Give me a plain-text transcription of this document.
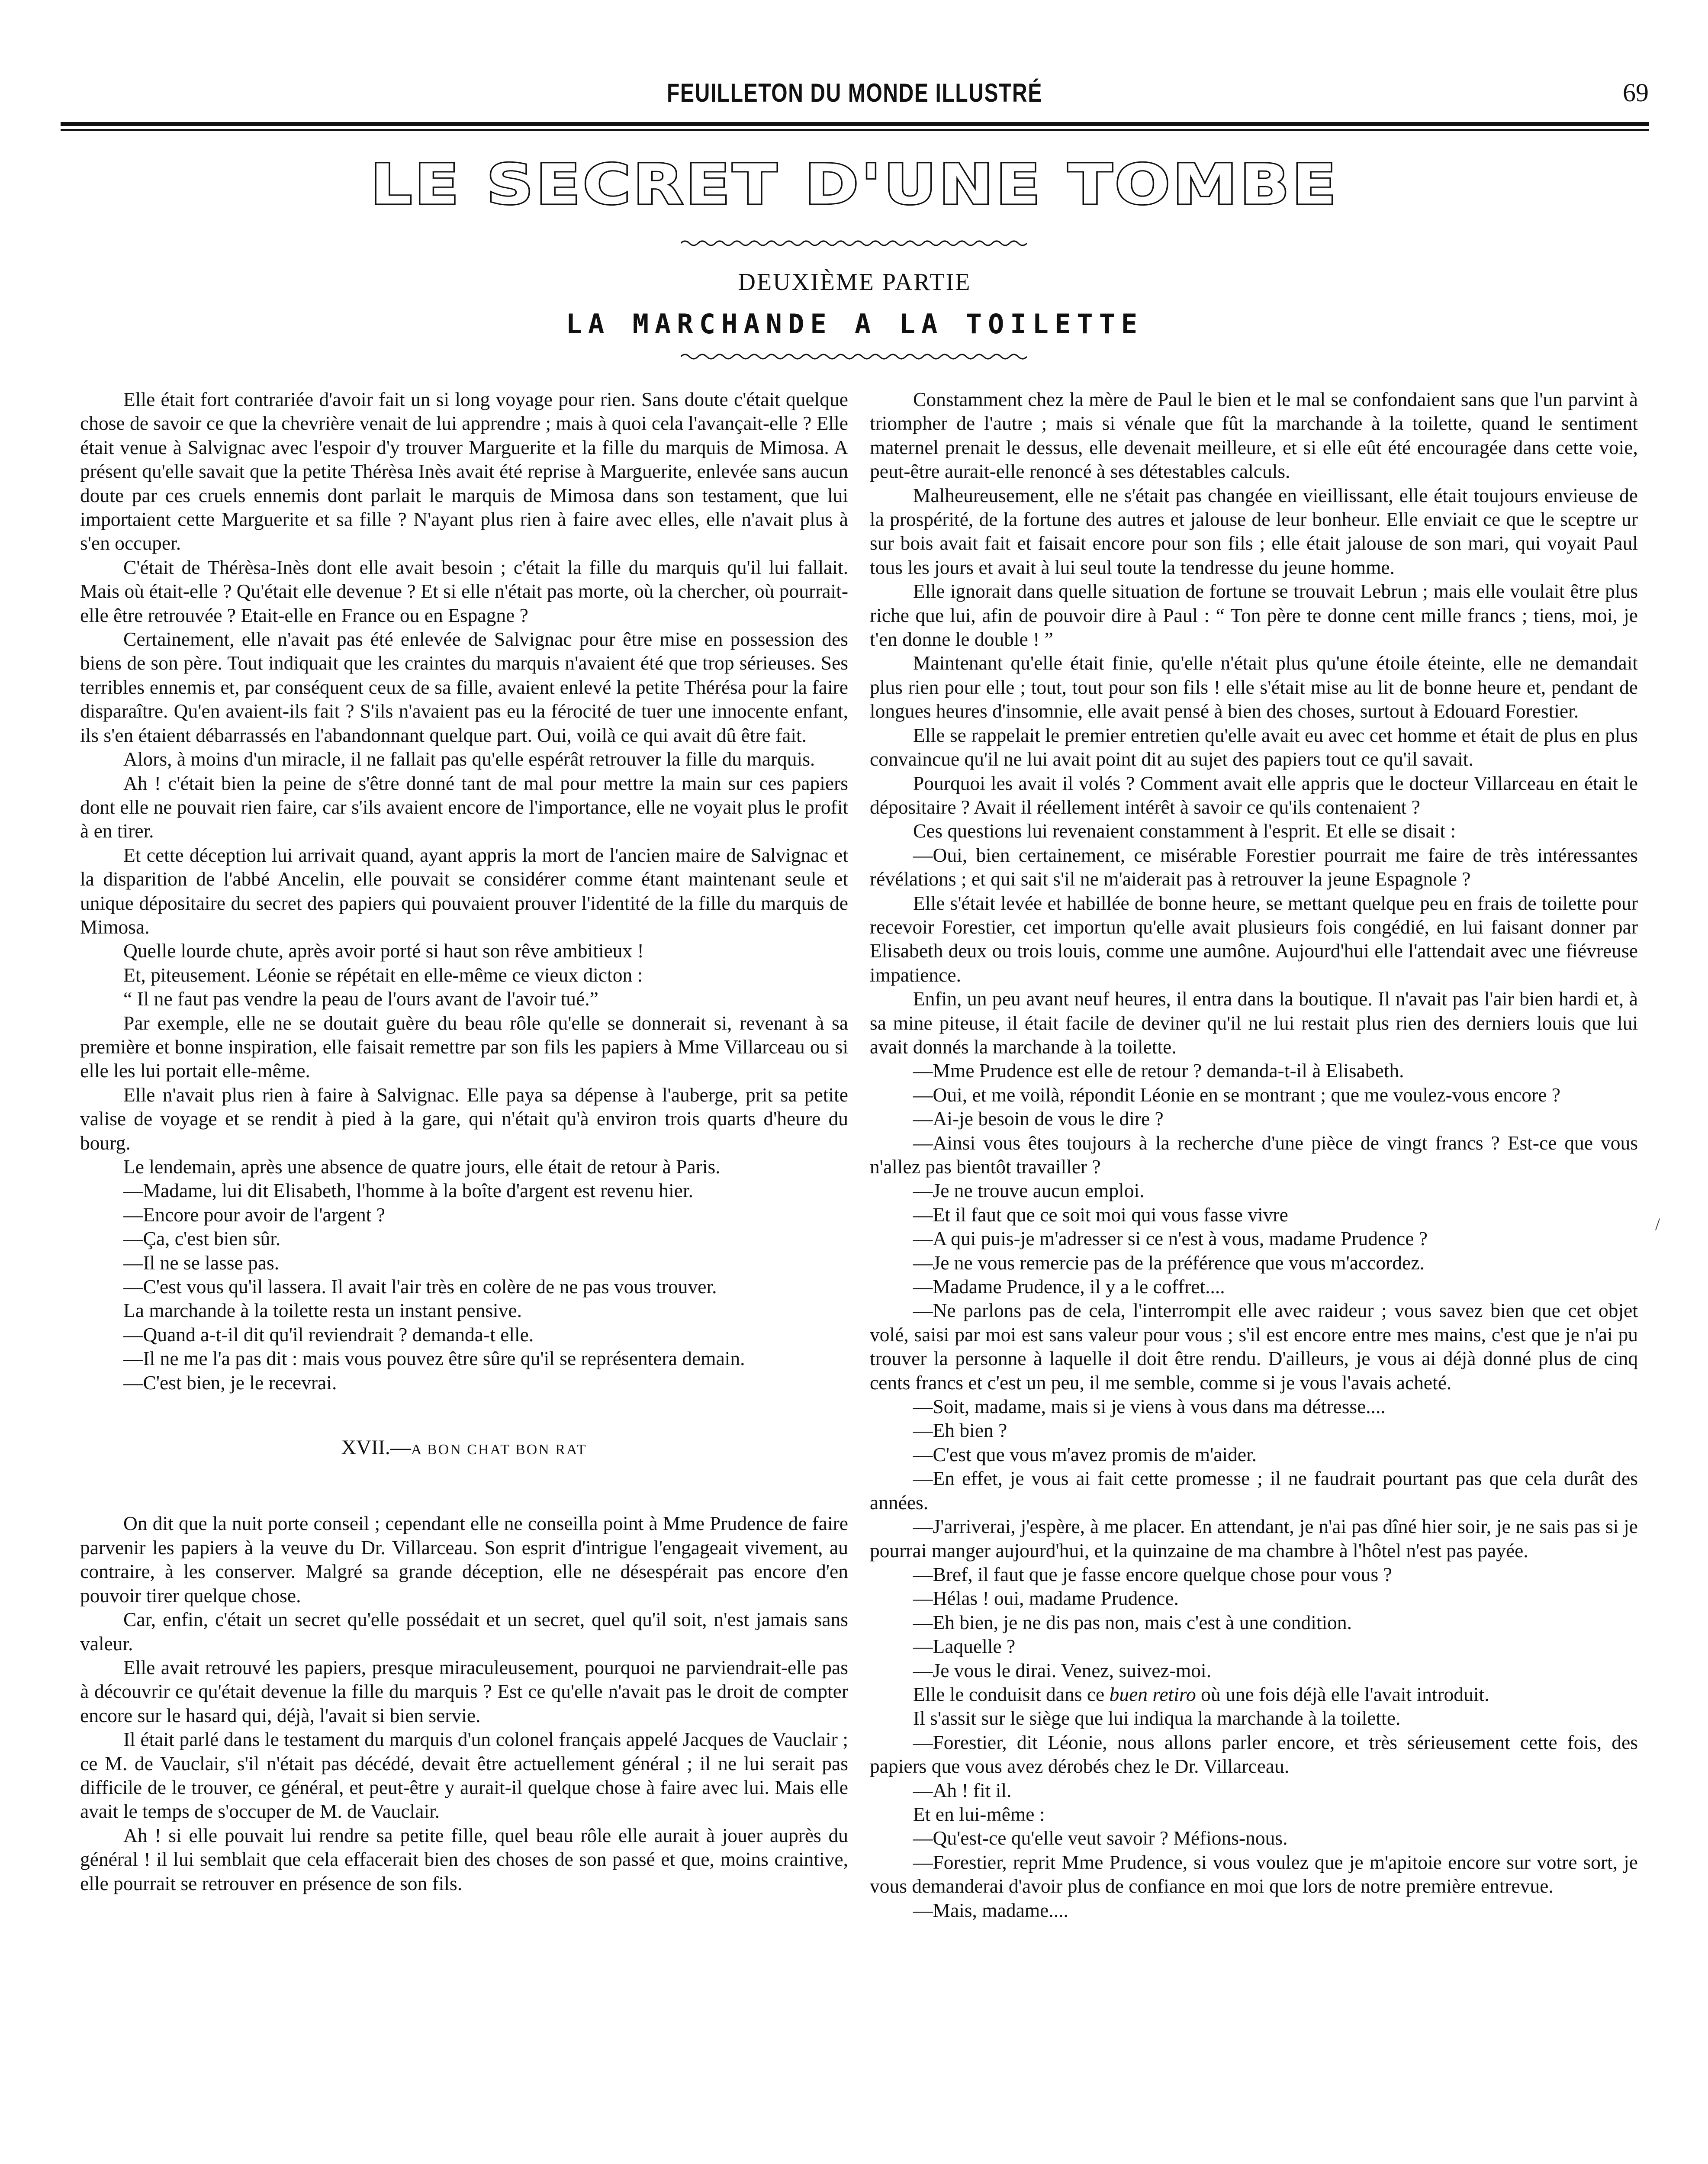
FEUILLETON DU MONDE ILLUSTRÉ	69
LE SECRET D'UNE TOMBE
DEUXIÈME PARTIE
LA MARCHANDE A LA TOILETTE

Elle était fort contrariée d'avoir fait un si long voyage pour rien. Sans doute c'était quelque chose de savoir ce que la chevrière venait de lui apprendre ; mais à quoi cela l'avançait-elle ? Elle était venue à Salvignac avec l'espoir d'y trouver Marguerite et la fille du marquis de Mimosa. A présent qu'elle savait que la petite Thérèsa Inès avait été reprise à Marguerite, enlevée sans aucun doute par ces cruels ennemis dont parlait le marquis de Mimosa dans son testament, que lui importaient cette Marguerite et sa fille ? N'ayant plus rien à faire avec elles, elle n'avait plus à s'en occuper.

C'était de Thérèsa-Inès dont elle avait besoin ; c'était la fille du marquis qu'il lui fallait. Mais où était-elle ? Qu'était elle devenue ? Et si elle n'était pas morte, où la chercher, où pourrait-elle être retrouvée ? Etait-elle en France ou en Espagne ?

Certainement, elle n'avait pas été enlevée de Salvignac pour être mise en possession des biens de son père. Tout indiquait que les craintes du marquis n'avaient été que trop sérieuses. Ses terribles ennemis et, par conséquent ceux de sa fille, avaient enlevé la petite Thérésa pour la faire disparaître. Qu'en avaient-ils fait ? S'ils n'avaient pas eu la férocité de tuer une innocente enfant, ils s'en étaient débarrassés en l'abandonnant quelque part. Oui, voilà ce qui avait dû être fait.

Alors, à moins d'un miracle, il ne fallait pas qu'elle espérât retrouver la fille du marquis.

Ah ! c'était bien la peine de s'être donné tant de mal pour mettre la main sur ces papiers dont elle ne pouvait rien faire, car s'ils avaient encore de l'importance, elle ne voyait plus le profit à en tirer.

Et cette déception lui arrivait quand, ayant appris la mort de l'ancien maire de Salvignac et la disparition de l'abbé Ancelin, elle pouvait se considérer comme étant maintenant seule et unique dépositaire du secret des papiers qui pouvaient prouver l'identité de la fille du marquis de Mimosa.

Quelle lourde chute, après avoir porté si haut son rêve ambitieux !

Et, piteusement. Léonie se répétait en elle-même ce vieux dicton :

“ Il ne faut pas vendre la peau de l'ours avant de l'avoir tué.”

Par exemple, elle ne se doutait guère du beau rôle qu'elle se donnerait si, revenant à sa première et bonne inspiration, elle faisait remettre par son fils les papiers à Mme Villarceau ou si elle les lui portait elle-même.

Elle n'avait plus rien à faire à Salvignac. Elle paya sa dépense à l'auberge, prit sa petite valise de voyage et se rendit à pied à la gare, qui n'était qu'à environ trois quarts d'heure du bourg.

Le lendemain, après une absence de quatre jours, elle était de retour à Paris.

—Madame, lui dit Elisabeth, l'homme à la boîte d'argent est revenu hier.

—Encore pour avoir de l'argent ?

—Ça, c'est bien sûr.

—Il ne se lasse pas.

—C'est vous qu'il lassera. Il avait l'air très en colère de ne pas vous trouver.

La marchande à la toilette resta un instant pensive.

—Quand a-t-il dit qu'il reviendrait ? demanda-t elle.

—Il ne me l'a pas dit : mais vous pouvez être sûre qu'il se représentera demain.

—C'est bien, je le recevrai.

XVII.—A BON CHAT BON RAT

On dit que la nuit porte conseil ; cependant elle ne conseilla point à Mme Prudence de faire parvenir les papiers à la veuve du Dr. Villarceau. Son esprit d'intrigue l'engageait vivement, au contraire, à les conserver. Malgré sa grande déception, elle ne désespérait pas encore d'en pouvoir tirer quelque chose.

Car, enfin, c'était un secret qu'elle possédait et un secret, quel qu'il soit, n'est jamais sans valeur.

Elle avait retrouvé les papiers, presque miraculeusement, pourquoi ne parviendrait-elle pas à découvrir ce qu'était devenue la fille du marquis ? Est ce qu'elle n'avait pas le droit de compter encore sur le hasard qui, déjà, l'avait si bien servie.

Il était parlé dans le testament du marquis d'un colonel français appelé Jacques de Vauclair ; ce M. de Vauclair, s'il n'était pas décédé, devait être actuellement général ; il ne lui serait pas difficile de le trouver, ce général, et peut-être y aurait-il quelque chose à faire avec lui. Mais elle avait le temps de s'occuper de M. de Vauclair.

Ah ! si elle pouvait lui rendre sa petite fille, quel beau rôle elle aurait à jouer auprès du général ! il lui semblait que cela effacerait bien des choses de son passé et que, moins craintive, elle pourrait se retrouver en présence de son fils.

Constamment chez la mère de Paul le bien et le mal se confondaient sans que l'un parvint à triompher de l'autre ; mais si vénale que fût la marchande à la toilette, quand le sentiment maternel prenait le dessus, elle devenait meilleure, et si elle eût été encouragée dans cette voie, peut-être aurait-elle renoncé à ses détestables calculs.

Malheureusement, elle ne s'était pas changée en vieillissant, elle était toujours envieuse de la prospérité, de la fortune des autres et jalouse de leur bonheur. Elle enviait ce que le sceptre ur sur bois avait fait et faisait encore pour son fils ; elle était jalouse de son mari, qui voyait Paul tous les jours et avait à lui seul toute la tendresse du jeune homme.

Elle ignorait dans quelle situation de fortune se trouvait Lebrun ; mais elle voulait être plus riche que lui, afin de pouvoir dire à Paul : “ Ton père te donne cent mille francs ; tiens, moi, je t'en donne le double ! ”

Maintenant qu'elle était finie, qu'elle n'était plus qu'une étoile éteinte, elle ne demandait plus rien pour elle ; tout, tout pour son fils ! elle s'était mise au lit de bonne heure et, pendant de longues heures d'insomnie, elle avait pensé à bien des choses, surtout à Edouard Forestier.

Elle se rappelait le premier entretien qu'elle avait eu avec cet homme et était de plus en plus convaincue qu'il ne lui avait point dit au sujet des papiers tout ce qu'il savait.

Pourquoi les avait il volés ? Comment avait elle appris que le docteur Villarceau en était le dépositaire ? Avait il réellement intérêt à savoir ce qu'ils contenaient ?

Ces questions lui revenaient constamment à l'esprit. Et elle se disait :

—Oui, bien certainement, ce misérable Forestier pourrait me faire de très intéressantes révélations ; et qui sait s'il ne m'aiderait pas à retrouver la jeune Espagnole ?

Elle s'était levée et habillée de bonne heure, se mettant quelque peu en frais de toilette pour recevoir Forestier, cet importun qu'elle avait plusieurs fois congédié, en lui faisant donner par Elisabeth deux ou trois louis, comme une aumône. Aujourd'hui elle l'attendait avec une fiévreuse impatience.

Enfin, un peu avant neuf heures, il entra dans la boutique. Il n'avait pas l'air bien hardi et, à sa mine piteuse, il était facile de deviner qu'il ne lui restait plus rien des derniers louis que lui avait donnés la marchande à la toilette.

—Mme Prudence est elle de retour ? demanda-t-il à Elisabeth.

—Oui, et me voilà, répondit Léonie en se montrant ; que me voulez-vous encore ?

—Ai-je besoin de vous le dire ?

—Ainsi vous êtes toujours à la recherche d'une pièce de vingt francs ? Est-ce que vous n'allez pas bientôt travailler ?

—Je ne trouve aucun emploi.

—Et il faut que ce soit moi qui vous fasse vivre

—A qui puis-je m'adresser si ce n'est à vous, madame Prudence ?

—Je ne vous remercie pas de la préférence que vous m'accordez.

—Madame Prudence, il y a le coffret....

—Ne parlons pas de cela, l'interrompit elle avec raideur ; vous savez bien que cet objet volé, saisi par moi est sans valeur pour vous ; s'il est encore entre mes mains, c'est que je n'ai pu trouver la personne à laquelle il doit être rendu. D'ailleurs, je vous ai déjà donné plus de cinq cents francs et c'est un peu, il me semble, comme si je vous l'avais acheté.

—Soit, madame, mais si je viens à vous dans ma détresse....

—Eh bien ?

—C'est que vous m'avez promis de m'aider.

—En effet, je vous ai fait cette promesse ; il ne faudrait pourtant pas que cela durât des années.

—J'arriverai, j'espère, à me placer. En attendant, je n'ai pas dîné hier soir, je ne sais pas si je pourrai manger aujourd'hui, et la quinzaine de ma chambre à l'hôtel n'est pas payée.

—Bref, il faut que je fasse encore quelque chose pour vous ?

—Hélas ! oui, madame Prudence.

—Eh bien, je ne dis pas non, mais c'est à une condition.

—Laquelle ?

—Je vous le dirai. Venez, suivez-moi.

Elle le conduisit dans ce buen retiro où une fois déjà elle l'avait introduit.

Il s'assit sur le siège que lui indiqua la marchande à la toilette.

—Forestier, dit Léonie, nous allons parler encore, et très sérieusement cette fois, des papiers que vous avez dérobés chez le Dr. Villarceau.

—Ah ! fit il.

Et en lui-même :

—Qu'est-ce qu'elle veut savoir ? Méfions-nous.

—Forestier, reprit Mme Prudence, si vous voulez que je m'apitoie encore sur votre sort, je vous demanderai d'avoir plus de confiance en moi que lors de notre première entrevue.

—Mais, madame....

/
